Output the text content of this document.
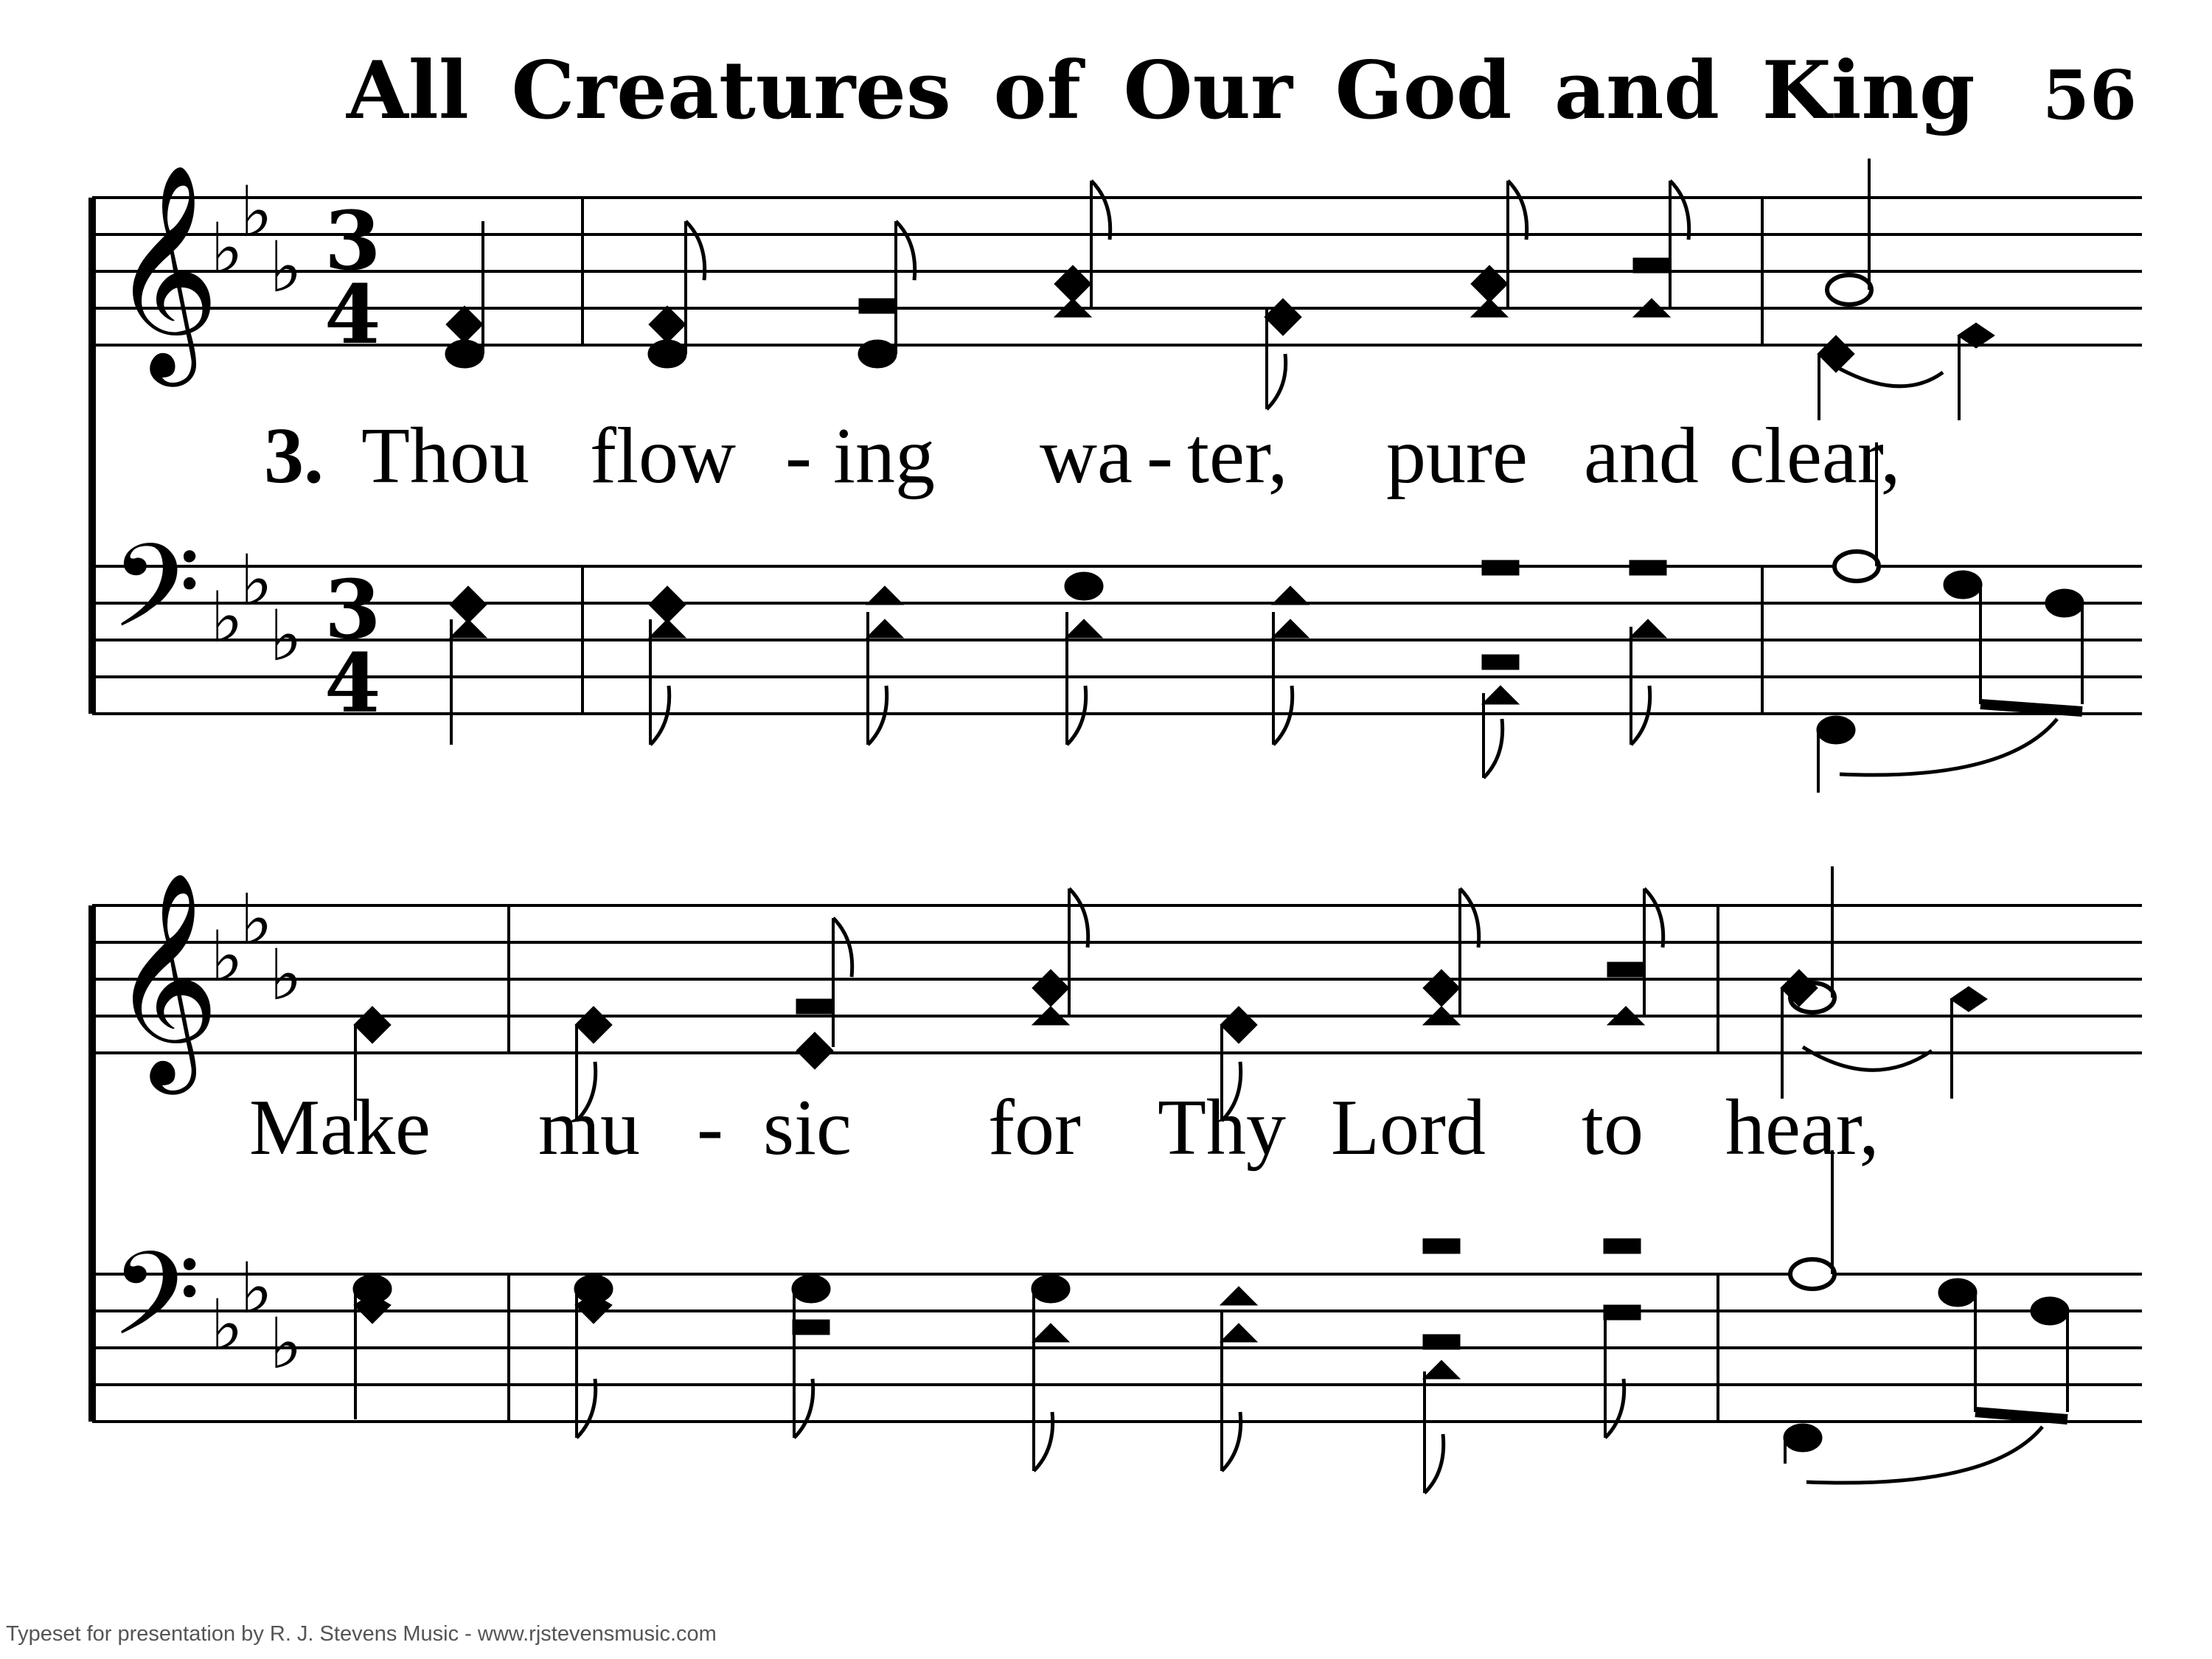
All Creatures of Our God and King 56
𝄞
𝄢
♭
♭
♭
♭
♭
♭
3
4
3
4
𝄞
𝄢
♭
♭
♭
♭
♭
♭
3. Thou flow - ing wa - ter, pure and clear,
Make mu - sic for Thy Lord to hear,
Typeset for presentation by R. J. Stevens Music - www.rjstevensmusic.com
